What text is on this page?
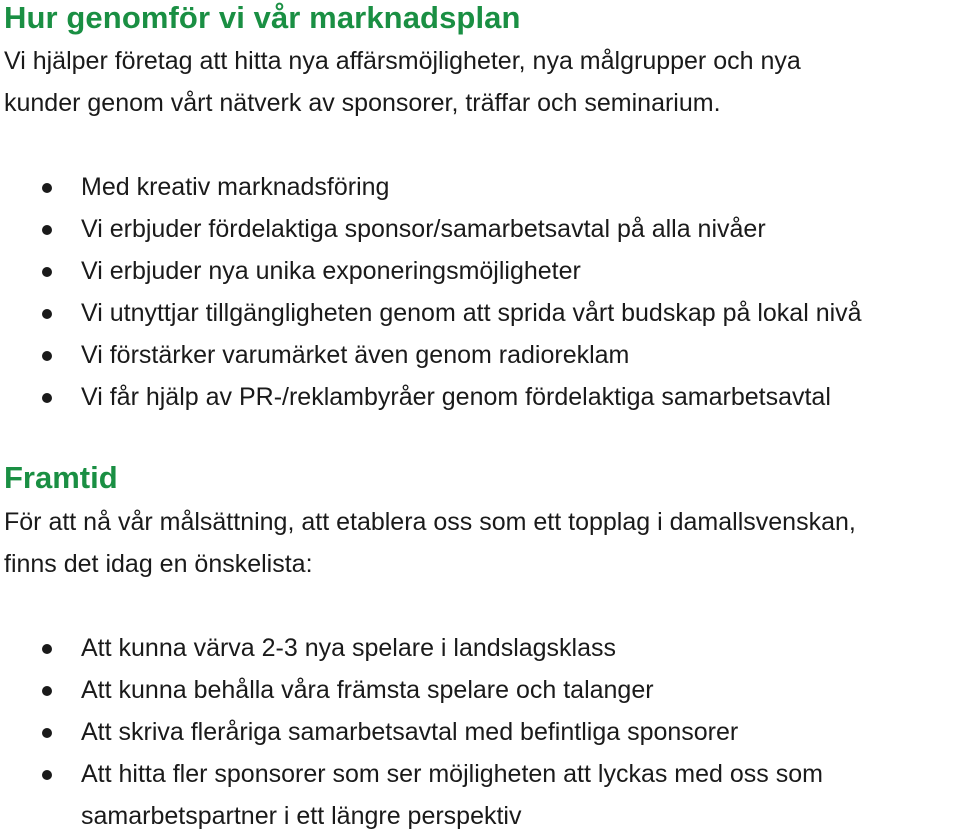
Hur genomför vi vår marknadsplan
Vi hjälper företag att hitta nya affärsmöjligheter, nya målgrupper och nya
kunder genom vårt nätverk av sponsorer, träffar och seminarium.
Med kreativ marknadsföring
Vi erbjuder fördelaktiga sponsor/samarbetsavtal på alla nivåer
Vi erbjuder nya unika exponeringsmöjligheter
Vi utnyttjar tillgängligheten genom att sprida vårt budskap på lokal nivå
Vi förstärker varumärket även genom radioreklam
Vi får hjälp av PR-/reklambyråer genom fördelaktiga samarbetsavtal
Framtid
För att nå vår målsättning, att etablera oss som ett topplag i damallsvenskan,
finns det idag en önskelista:
Att kunna värva 2-3 nya spelare i landslagsklass
Att kunna behålla våra främsta spelare och talanger
Att skriva fleråriga samarbetsavtal med befintliga sponsorer
Att hitta fler sponsorer som ser möjligheten att lyckas med oss som
samarbetspartner i ett längre perspektiv
